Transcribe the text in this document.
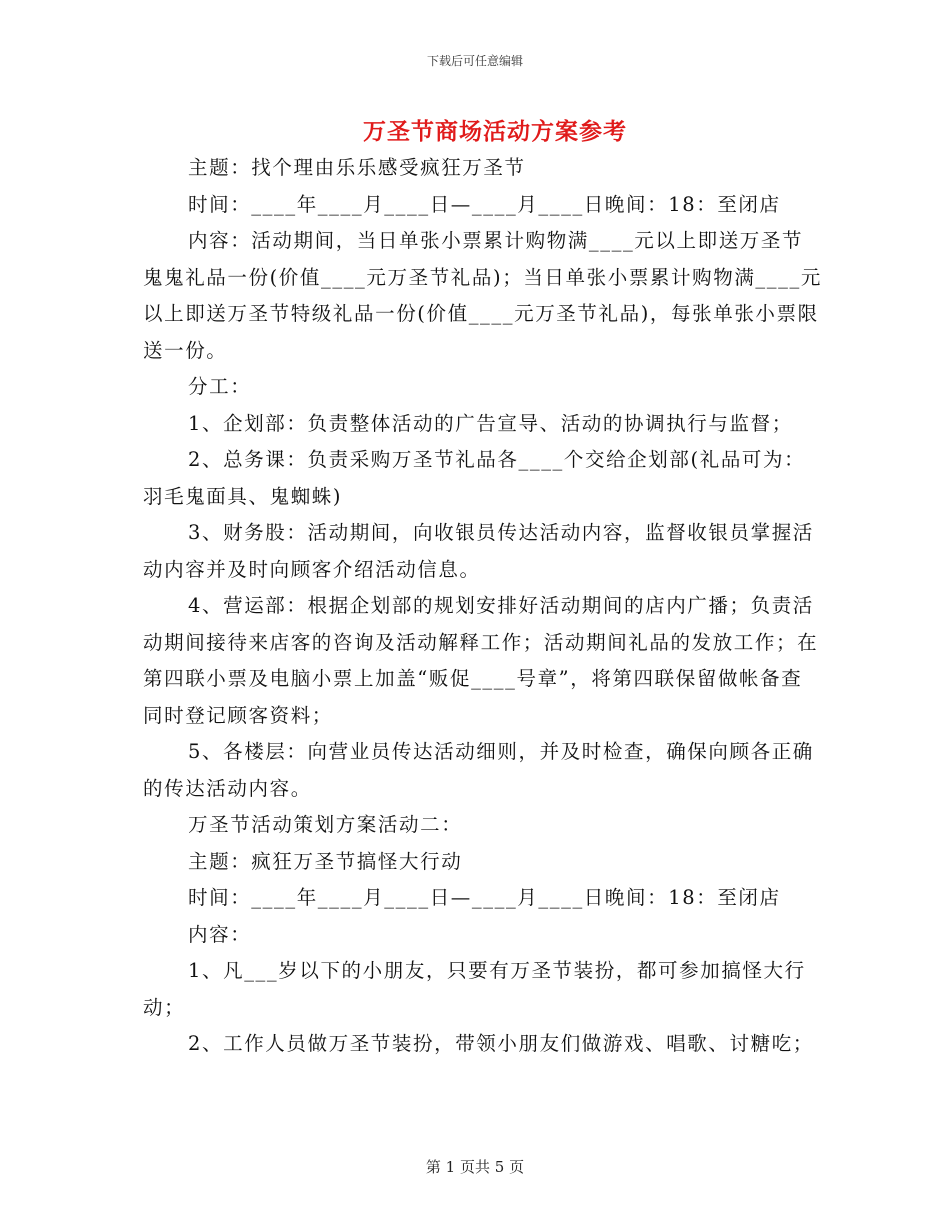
下载后可任意编辑
万圣节商场活动方案参考

主题：找个理由乐乐感受疯狂万圣节

时间：____年____月____日—____月____日晚间：18：至闭店

内容：活动期间，当日单张小票累计购物满____元以上即送万圣节鬼鬼礼品一份(价值____元万圣节礼品)；当日单张小票累计购物满____元以上即送万圣节特级礼品一份(价值____元万圣节礼品)，每张单张小票限送一份。

分工：

1、企划部：负责整体活动的广告宣导、活动的协调执行与监督；

2、总务课：负责采购万圣节礼品各____个交给企划部(礼品可为：羽毛鬼面具、鬼蜘蛛)

3、财务股：活动期间，向收银员传达活动内容，监督收银员掌握活动内容并及时向顾客介绍活动信息。

4、营运部：根据企划部的规划安排好活动期间的店内广播；负责活动期间接待来店客的咨询及活动解释工作；活动期间礼品的发放工作；在第四联小票及电脑小票上加盖“贩促____号章”，将第四联保留做帐备查同时登记顾客资料；

5、各楼层：向营业员传达活动细则，并及时检查，确保向顾各正确的传达活动内容。

万圣节活动策划方案活动二：

主题：疯狂万圣节搞怪大行动

时间：____年____月____日—____月____日晚间：18：至闭店

内容：

1、凡___岁以下的小朋友，只要有万圣节装扮，都可参加搞怪大行动；

2、工作人员做万圣节装扮，带领小朋友们做游戏、唱歌、讨糖吃；

第 1 页共 5 页
